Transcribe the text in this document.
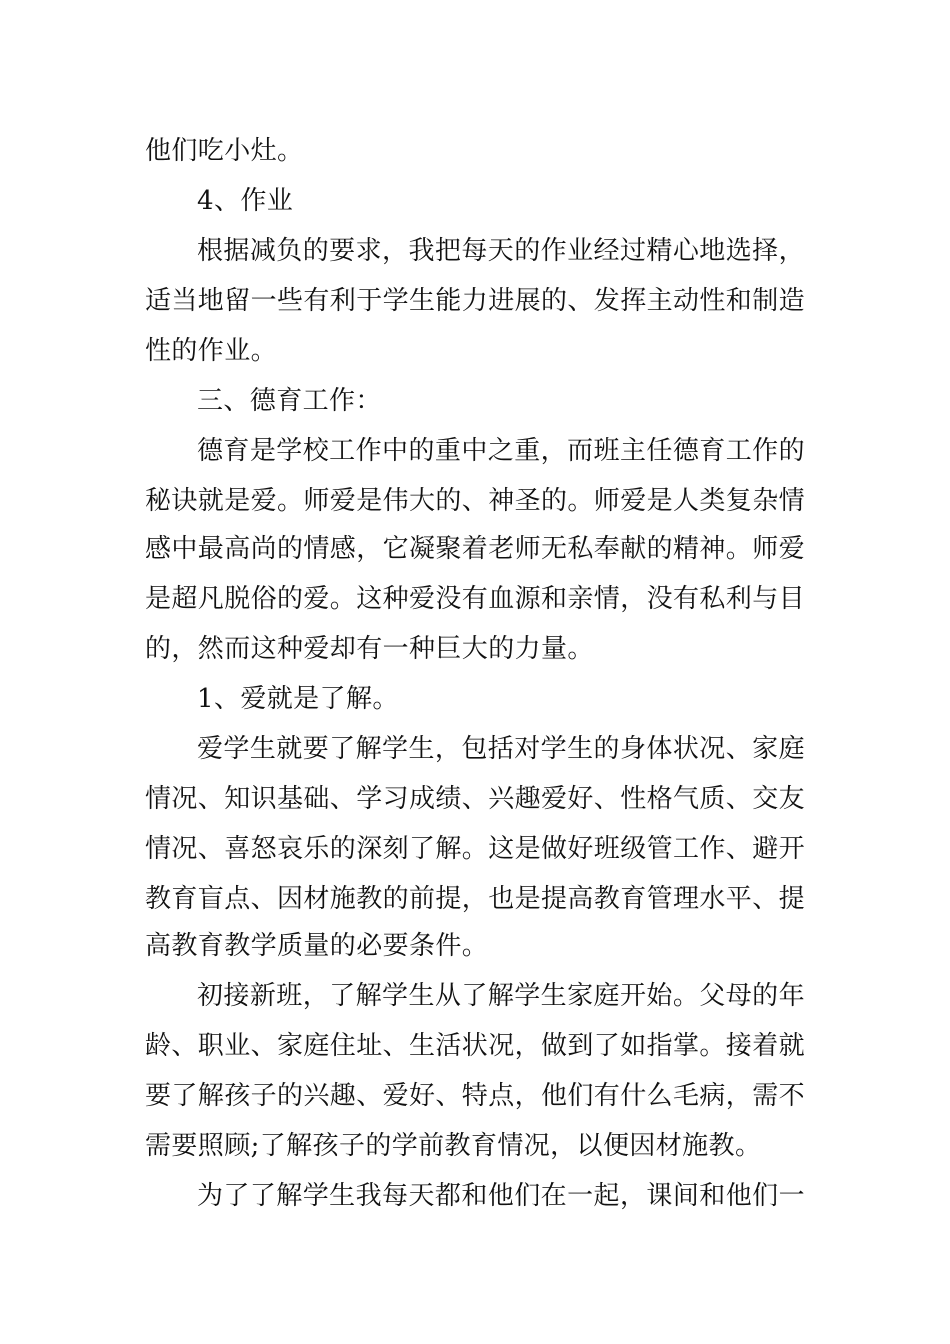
他们吃小灶。
4、作业
根据减负的要求，我把每天的作业经过精心地选择，
适当地留一些有利于学生能力进展的、发挥主动性和制造
性的作业。
三、德育工作：
德育是学校工作中的重中之重，而班主任德育工作的
秘诀就是爱。师爱是伟大的、神圣的。师爱是人类复杂情
感中最高尚的情感，它凝聚着老师无私奉献的精神。师爱
是超凡脱俗的爱。这种爱没有血源和亲情，没有私利与目
的，然而这种爱却有一种巨大的力量。
1、爱就是了解。
爱学生就要了解学生，包括对学生的身体状况、家庭
情况、知识基础、学习成绩、兴趣爱好、性格气质、交友
情况、喜怒哀乐的深刻了解。这是做好班级管工作、避开
教育盲点、因材施教的前提，也是提高教育管理水平、提
高教育教学质量的必要条件。
初接新班，了解学生从了解学生家庭开始。父母的年
龄、职业、家庭住址、生活状况，做到了如指掌。接着就
要了解孩子的兴趣、爱好、特点，他们有什么毛病，需不
需要照顾;了解孩子的学前教育情况，以便因材施教。
为了了解学生我每天都和他们在一起，课间和他们一
